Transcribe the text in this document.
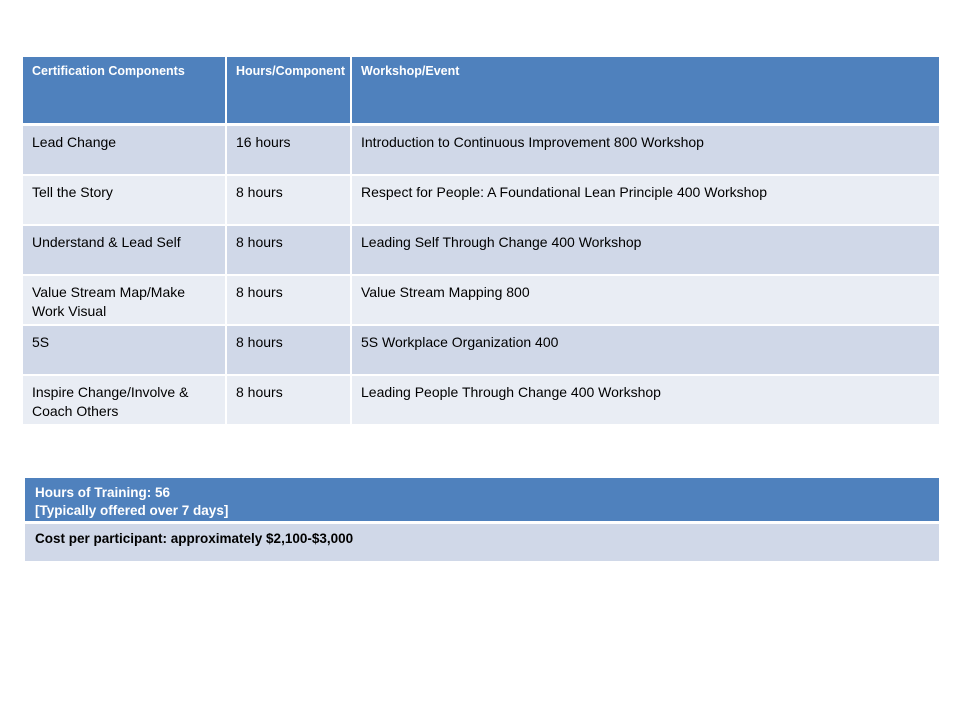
Certification Components	Hours/Component	Workshop/Event
Lead Change	16 hours	Introduction to Continuous Improvement 800 Workshop
Tell the Story	8 hours	Respect for People: A Foundational Lean Principle 400 Workshop
Understand & Lead Self	8 hours	Leading Self Through Change 400 Workshop
Value Stream Map/Make Work Visual	8 hours	Value Stream Mapping 800
5S	8 hours	5S Workplace Organization 400
Inspire Change/Involve & Coach Others	8 hours	Leading People Through Change 400 Workshop
Hours of Training: 56
[Typically offered over 7 days]
Cost per participant: approximately $2,100-$3,000
